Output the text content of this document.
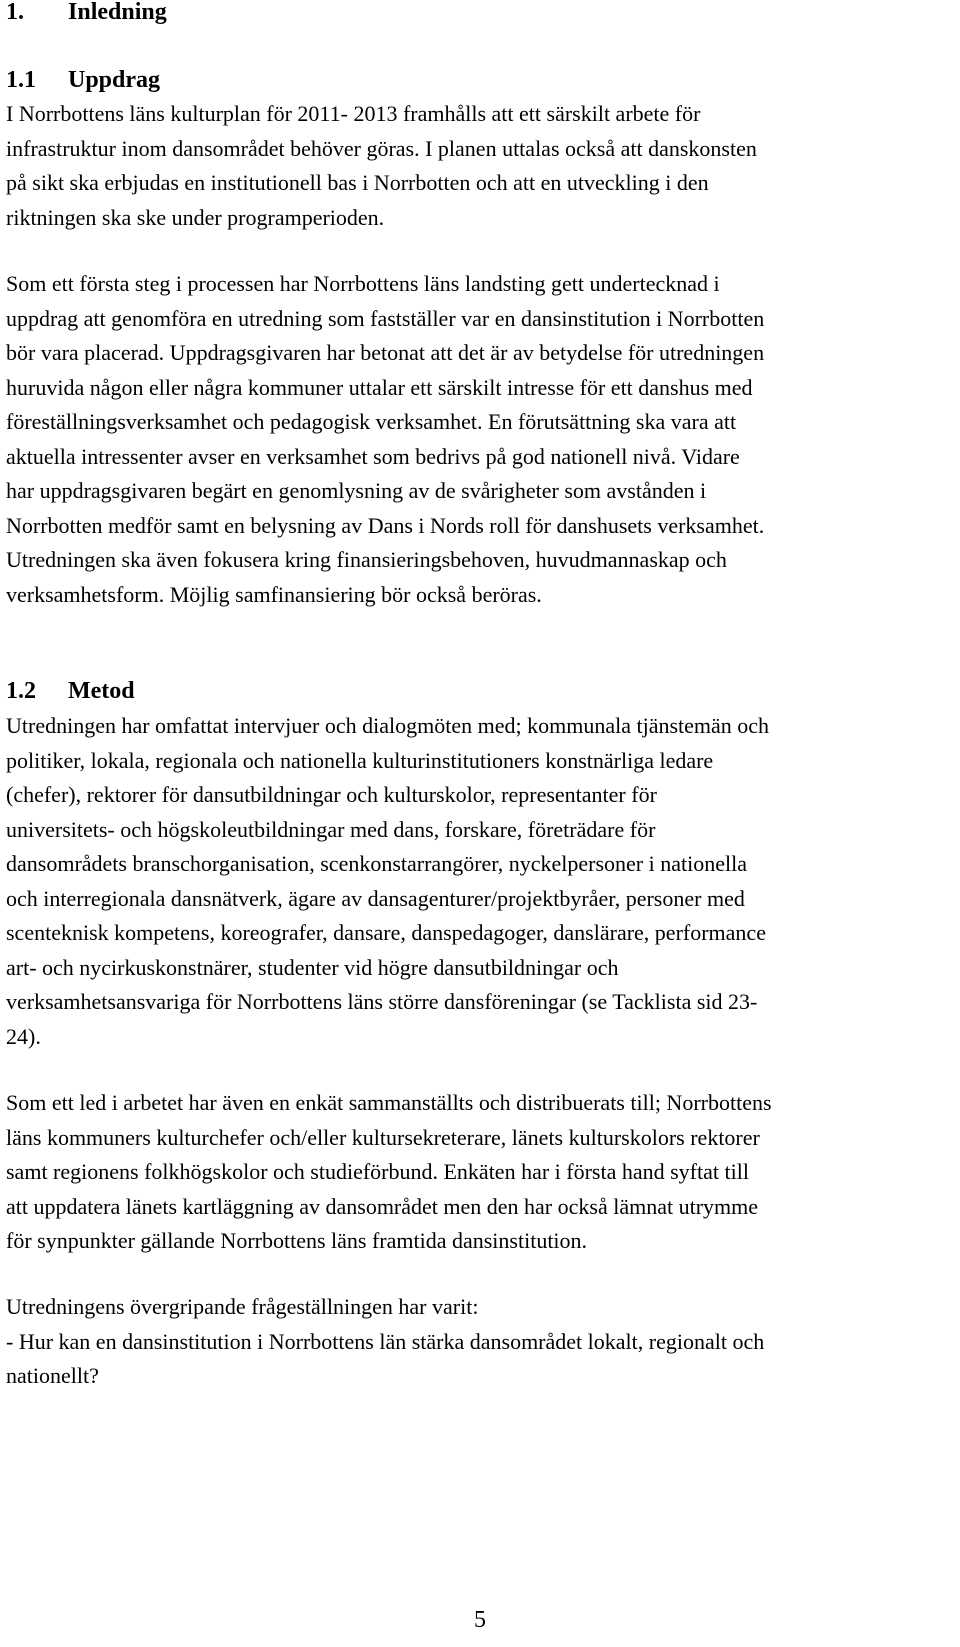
1. Inledning
1.1 Uppdrag

I Norrbottens läns kulturplan för 2011- 2013 framhålls att ett särskilt arbete för
infrastruktur inom dansområdet behöver göras. I planen uttalas också att danskonsten
på sikt ska erbjudas en institutionell bas i Norrbotten och att en utveckling i den
riktningen ska ske under programperioden.

Som ett första steg i processen har Norrbottens läns landsting gett undertecknad i
uppdrag att genomföra en utredning som fastställer var en dansinstitution i Norrbotten
bör vara placerad. Uppdragsgivaren har betonat att det är av betydelse för utredningen
huruvida någon eller några kommuner uttalar ett särskilt intresse för ett danshus med
föreställningsverksamhet och pedagogisk verksamhet. En förutsättning ska vara att
aktuella intressenter avser en verksamhet som bedrivs på god nationell nivå. Vidare
har uppdragsgivaren begärt en genomlysning av de svårigheter som avstånden i
Norrbotten medför samt en belysning av Dans i Nords roll för danshusets verksamhet.
Utredningen ska även fokusera kring finansieringsbehoven, huvudmannaskap och
verksamhetsform. Möjlig samfinansiering bör också beröras.

1.2 Metod

Utredningen har omfattat intervjuer och dialogmöten med; kommunala tjänstemän och
politiker, lokala, regionala och nationella kulturinstitutioners konstnärliga ledare
(chefer), rektorer för dansutbildningar och kulturskolor, representanter för
universitets- och högskoleutbildningar med dans, forskare, företrädare för
dansområdets branschorganisation, scenkonstarrangörer, nyckelpersoner i nationella
och interregionala dansnätverk, ägare av dansagenturer/projektbyråer, personer med
scenteknisk kompetens, koreografer, dansare, danspedagoger, danslärare, performance
art- och nycirkuskonstnärer, studenter vid högre dansutbildningar och
verksamhetsansvariga för Norrbottens läns större dansföreningar (se Tacklista sid 23-
24).

Som ett led i arbetet har även en enkät sammanställts och distribuerats till; Norrbottens
läns kommuners kulturchefer och/eller kultursekreterare, länets kulturskolors rektorer
samt regionens folkhögskolor och studieförbund. Enkäten har i första hand syftat till
att uppdatera länets kartläggning av dansområdet men den har också lämnat utrymme
för synpunkter gällande Norrbottens läns framtida dansinstitution.

Utredningens övergripande frågeställningen har varit:
- Hur kan en dansinstitution i Norrbottens län stärka dansområdet lokalt, regionalt och
nationellt?

5
